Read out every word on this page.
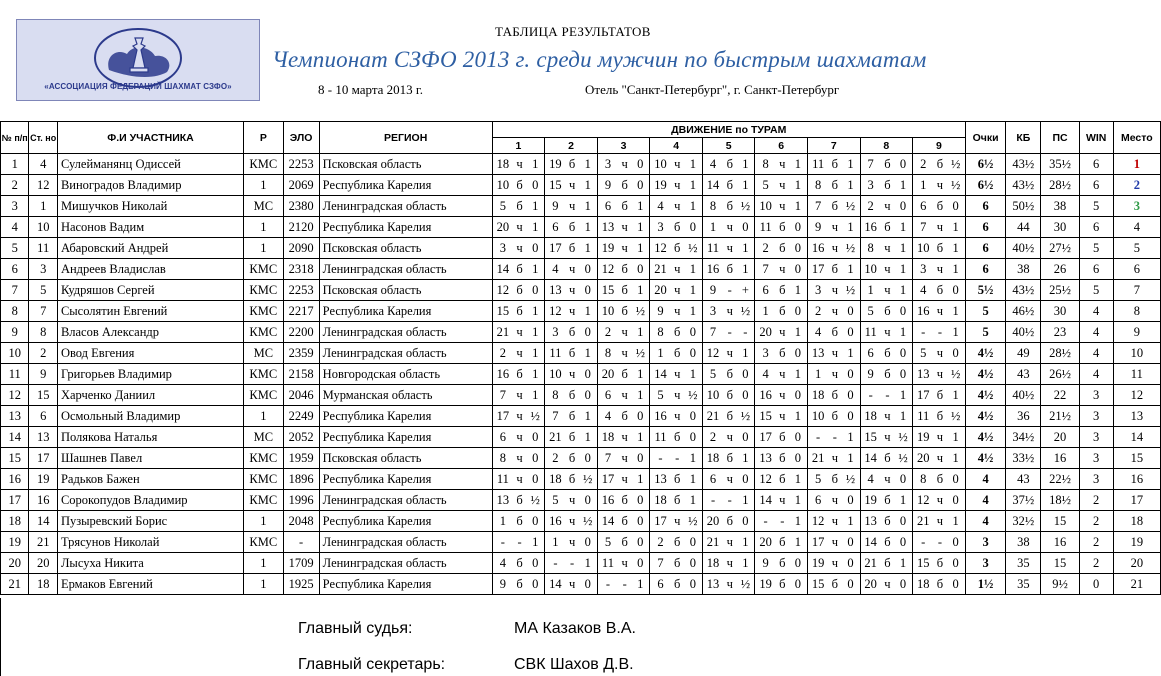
«АССОЦИАЦИЯ ФЕДЕРАЦИЙ ШАХМАТ СЗФО»
ТАБЛИЦА РЕЗУЛЬТАТОВ
Чемпионат СЗФО 2013 г. среди мужчин по быстрым шахматам
8 - 10 марта 2013 г.	Отель "Санкт-Петербург", г. Санкт-Петербург
№ п/п	Ст. но	Ф.И УЧАСТНИКА	Р	ЭЛО	РЕГИОН	ДВИЖЕНИЕ по ТУРАМ																											Очки	КБ	ПС	WIN	Место
						1			2			3			4			5			6			7			8			9							
1	4	Сулейманянц Одиссей	КМС	2253	Псковская область	18	ч	1	19	б	1	3	ч	0	10	ч	1	4	б	1	8	ч	1	11	б	1	7	б	0	2	б	½	6½	43½	35½	6	1
2	12	Виноградов Владимир	1	2069	Республика Карелия	10	б	0	15	ч	1	9	б	0	19	ч	1	14	б	1	5	ч	1	8	б	1	3	б	1	1	ч	½	6½	43½	28½	6	2
3	1	Мишучков Николай	МС	2380	Ленинградская область	5	б	1	9	ч	1	6	б	1	4	ч	1	8	б	½	10	ч	1	7	б	½	2	ч	0	6	б	0	6	50½	38	5	3
4	10	Насонов Вадим	1	2120	Республика Карелия	20	ч	1	6	б	1	13	ч	1	3	б	0	1	ч	0	11	б	0	9	ч	1	16	б	1	7	ч	1	6	44	30	6	4
5	11	Абаровский Андрей	1	2090	Псковская область	3	ч	0	17	б	1	19	ч	1	12	б	½	11	ч	1	2	б	0	16	ч	½	8	ч	1	10	б	1	6	40½	27½	5	5
6	3	Андреев Владислав	КМС	2318	Ленинградская область	14	б	1	4	ч	0	12	б	0	21	ч	1	16	б	1	7	ч	0	17	б	1	10	ч	1	3	ч	1	6	38	26	6	6
7	5	Кудряшов Сергей	КМС	2253	Псковская область	12	б	0	13	ч	0	15	б	1	20	ч	1	9	-	+	6	б	1	3	ч	½	1	ч	1	4	б	0	5½	43½	25½	5	7
8	7	Сысолятин Евгений	КМС	2217	Республика Карелия	15	б	1	12	ч	1	10	б	½	9	ч	1	3	ч	½	1	б	0	2	ч	0	5	б	0	16	ч	1	5	46½	30	4	8
9	8	Власов Александр	КМС	2200	Ленинградская область	21	ч	1	3	б	0	2	ч	1	8	б	0	7	-	-	20	ч	1	4	б	0	11	ч	1	-	-	1	5	40½	23	4	9
10	2	Овод Евгения	МС	2359	Ленинградская область	2	ч	1	11	б	1	8	ч	½	1	б	0	12	ч	1	3	б	0	13	ч	1	6	б	0	5	ч	0	4½	49	28½	4	10
11	9	Григорьев Владимир	КМС	2158	Новгородская область	16	б	1	10	ч	0	20	б	1	14	ч	1	5	б	0	4	ч	1	1	ч	0	9	б	0	13	ч	½	4½	43	26½	4	11
12	15	Харченко Даниил	КМС	2046	Мурманская область	7	ч	1	8	б	0	6	ч	1	5	ч	½	10	б	0	16	ч	0	18	б	0	-	-	1	17	б	1	4½	40½	22	3	12
13	6	Осмольный Владимир	1	2249	Республика Карелия	17	ч	½	7	б	1	4	б	0	16	ч	0	21	б	½	15	ч	1	10	б	0	18	ч	1	11	б	½	4½	36	21½	3	13
14	13	Полякова Наталья	МС	2052	Республика Карелия	6	ч	0	21	б	1	18	ч	1	11	б	0	2	ч	0	17	б	0	-	-	1	15	ч	½	19	ч	1	4½	34½	20	3	14
15	17	Шашнев Павел	КМС	1959	Псковская область	8	ч	0	2	б	0	7	ч	0	-	-	1	18	б	1	13	б	0	21	ч	1	14	б	½	20	ч	1	4½	33½	16	3	15
16	19	Радьков Бажен	КМС	1896	Республика Карелия	11	ч	0	18	б	½	17	ч	1	13	б	1	6	ч	0	12	б	1	5	б	½	4	ч	0	8	б	0	4	43	22½	3	16
17	16	Сорокопудов Владимир	КМС	1996	Ленинградская область	13	б	½	5	ч	0	16	б	0	18	б	1	-	-	1	14	ч	1	6	ч	0	19	б	1	12	ч	0	4	37½	18½	2	17
18	14	Пузыревский Борис	1	2048	Республика Карелия	1	б	0	16	ч	½	14	б	0	17	ч	½	20	б	0	-	-	1	12	ч	1	13	б	0	21	ч	1	4	32½	15	2	18
19	21	Трясунов Николай	КМС	-	Ленинградская область	-	-	1	1	ч	0	5	б	0	2	б	0	21	ч	1	20	б	1	17	ч	0	14	б	0	-	-	0	3	38	16	2	19
20	20	Лысуха Никита	1	1709	Ленинградская область	4	б	0	-	-	1	11	ч	0	7	б	0	18	ч	1	9	б	0	19	ч	0	21	б	1	15	б	0	3	35	15	2	20
21	18	Ермаков Евгений	1	1925	Республика Карелия	9	б	0	14	ч	0	-	-	1	6	б	0	13	ч	½	19	б	0	15	б	0	20	ч	0	18	б	0	1½	35	9½	0	21
Главный судья:	МА Казаков В.А.
Главный секретарь:	СВК Шахов Д.В.
